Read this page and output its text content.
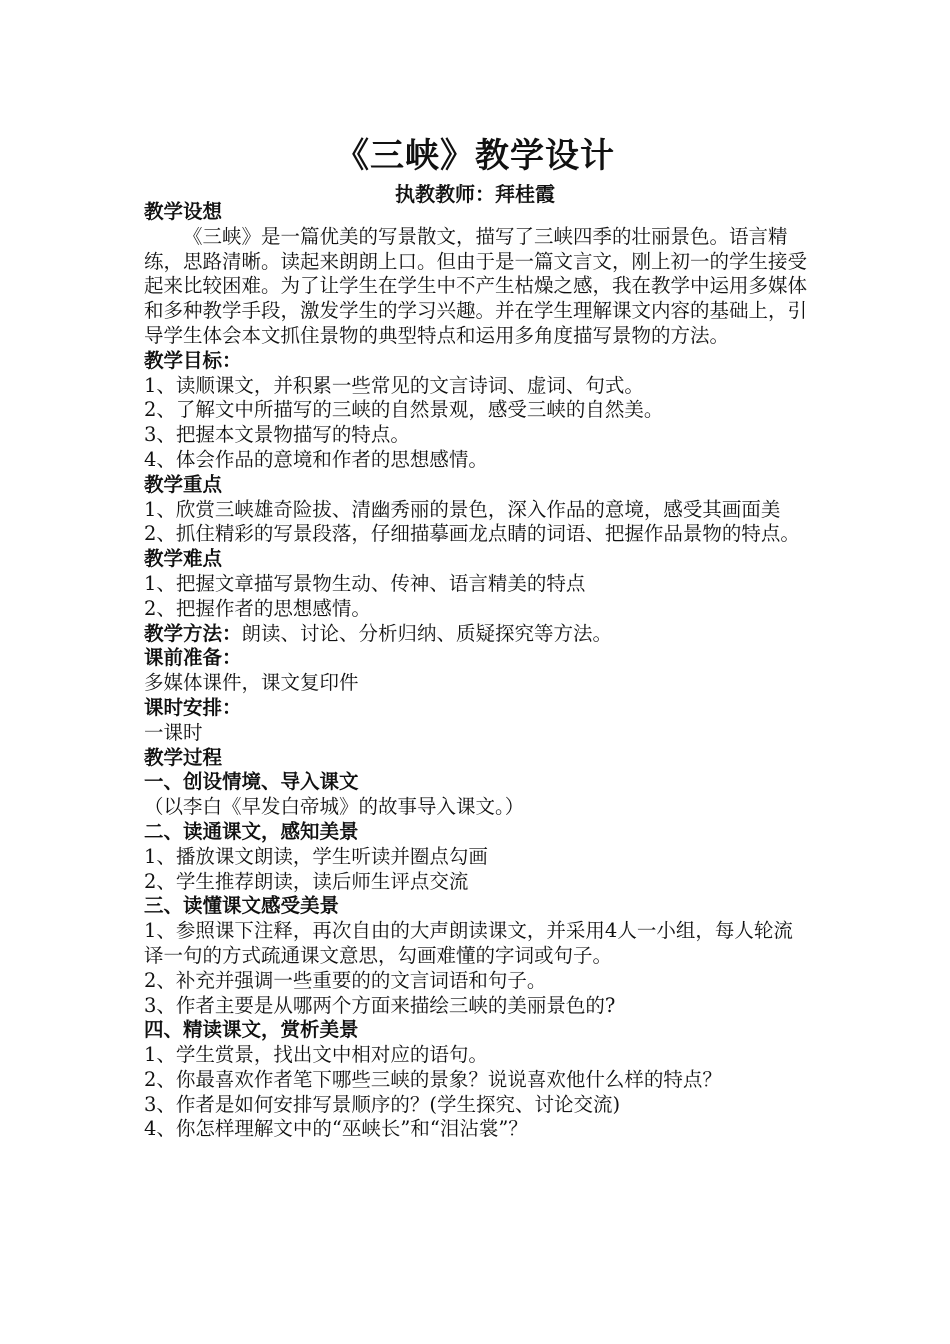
《三峡》教学设计
执教教师：拜桂霞

教学设想

《三峡》是一篇优美的写景散文，描写了三峡四季的壮丽景色。语言精练，思路清晰。读起来朗朗上口。但由于是一篇文言文，刚上初一的学生接受起来比较困难。为了让学生在学生中不产生枯燥之感，我在教学中运用多媒体和多种教学手段，激发学生的学习兴趣。并在学生理解课文内容的基础上，引导学生体会本文抓住景物的典型特点和运用多角度描写景物的方法。

教学目标：

1、读顺课文，并积累一些常见的文言诗词、虚词、句式。

2、了解文中所描写的三峡的自然景观，感受三峡的自然美。

3、把握本文景物描写的特点。

4、体会作品的意境和作者的思想感情。

教学重点

1、欣赏三峡雄奇险拔、清幽秀丽的景色，深入作品的意境，感受其画面美

2、抓住精彩的写景段落，仔细描摹画龙点睛的词语、把握作品景物的特点。

教学难点

1、把握文章描写景物生动、传神、语言精美的特点

2、把握作者的思想感情。

教学方法：朗读、讨论、分析归纳、质疑探究等方法。

课前准备：

多媒体课件，课文复印件

课时安排：

一课时

教学过程

一、创设情境、导入课文

（以李白《早发白帝城》的故事导入课文。）

二、读通课文，感知美景

1、播放课文朗读，学生听读并圈点勾画

2、学生推荐朗读，读后师生评点交流

三、读懂课文感受美景

1、参照课下注释，再次自由的大声朗读课文，并采用4人一小组，每人轮流译一句的方式疏通课文意思，勾画难懂的字词或句子。

2、补充并强调一些重要的的文言词语和句子。

3、作者主要是从哪两个方面来描绘三峡的美丽景色的?

四、精读课文，赏析美景

1、学生赏景，找出文中相对应的语句。

2、你最喜欢作者笔下哪些三峡的景象？说说喜欢他什么样的特点？

3、作者是如何安排写景顺序的？(学生探究、讨论交流)

4、你怎样理解文中的“巫峡长”和“泪沾裳”？
